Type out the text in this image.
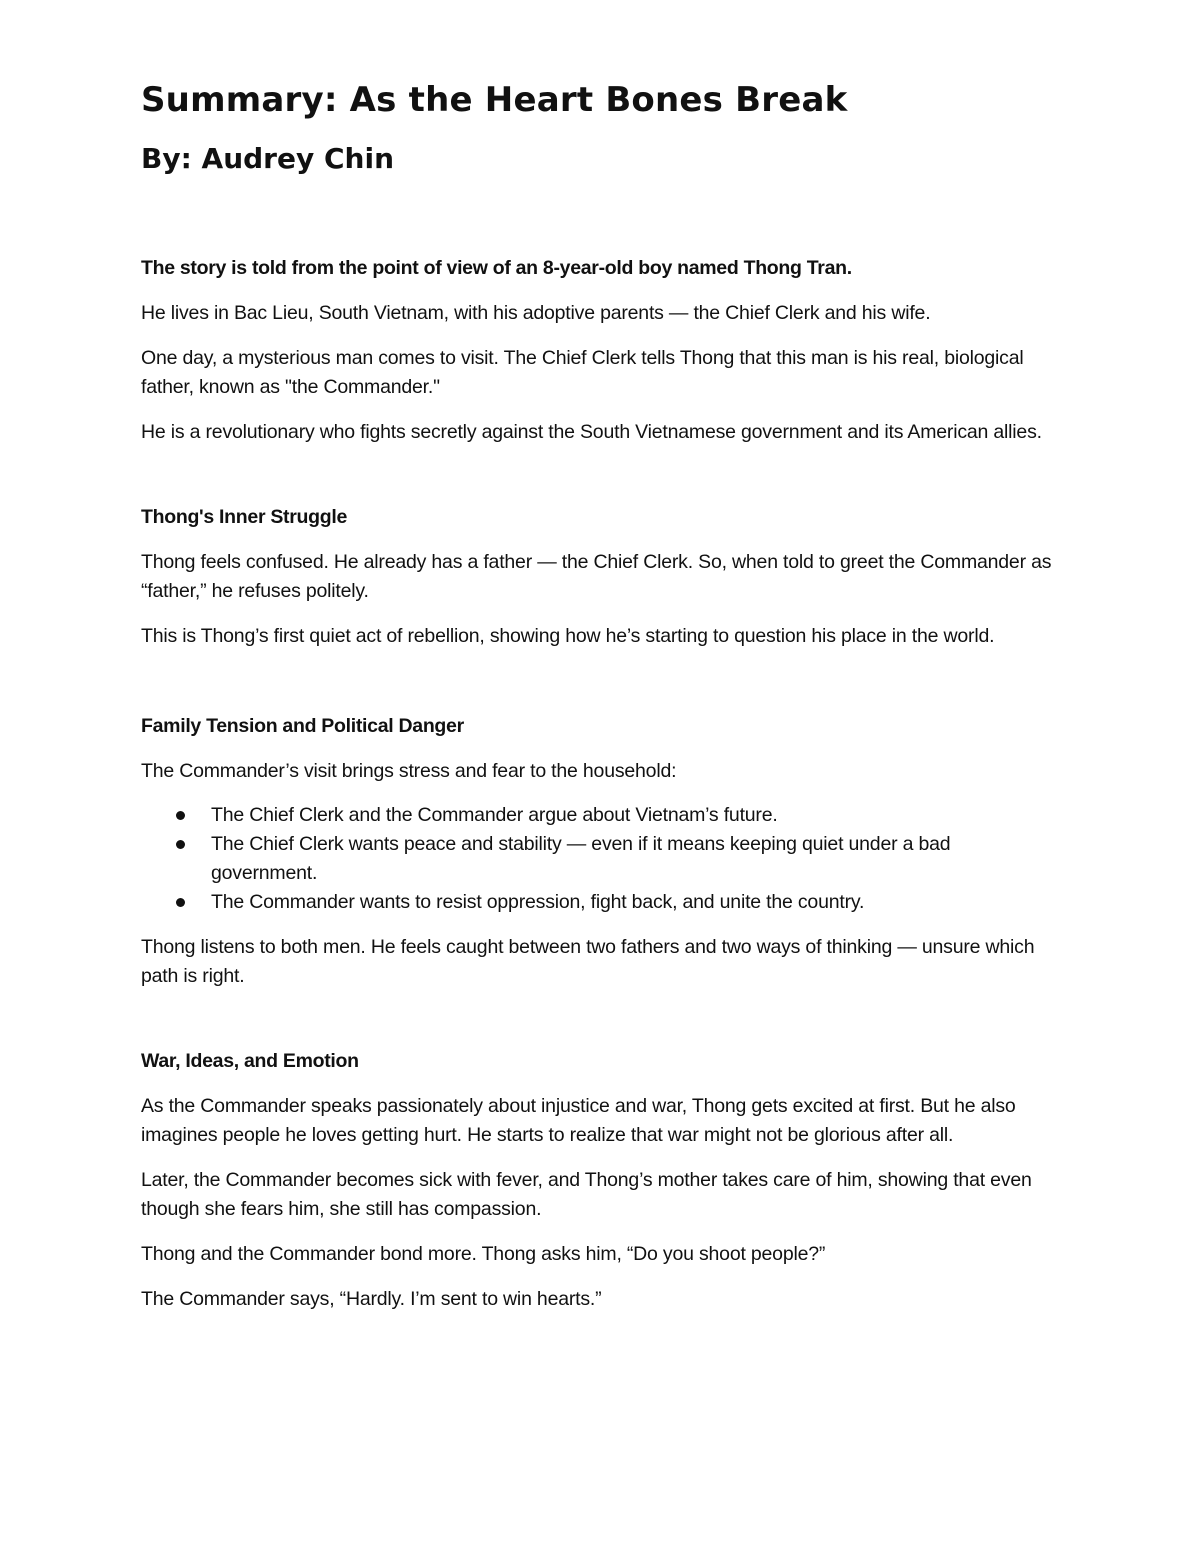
Summary: As the Heart Bones Break
By: Audrey Chin
The story is told from the point of view of an 8-year-old boy named Thong Tran.

He lives in Bac Lieu, South Vietnam, with his adoptive parents — the Chief Clerk and his wife.

One day, a mysterious man comes to visit. The Chief Clerk tells Thong that this man is his real, biological father, known as "the Commander."

He is a revolutionary who fights secretly against the South Vietnamese government and its American allies.

Thong's Inner Struggle

Thong feels confused. He already has a father — the Chief Clerk. So, when told to greet the Commander as “father,” he refuses politely.

This is Thong’s first quiet act of rebellion, showing how he’s starting to question his place in the world.

Family Tension and Political Danger

The Commander’s visit brings stress and fear to the household:

The Chief Clerk and the Commander argue about Vietnam’s future.
The Chief Clerk wants peace and stability — even if it means keeping quiet under a bad government.
The Commander wants to resist oppression, fight back, and unite the country.

Thong listens to both men. He feels caught between two fathers and two ways of thinking — unsure which path is right.

War, Ideas, and Emotion

As the Commander speaks passionately about injustice and war, Thong gets excited at first. But he also imagines people he loves getting hurt. He starts to realize that war might not be glorious after all.

Later, the Commander becomes sick with fever, and Thong’s mother takes care of him, showing that even though she fears him, she still has compassion.

Thong and the Commander bond more. Thong asks him, “Do you shoot people?”

The Commander says, “Hardly. I’m sent to win hearts.”
